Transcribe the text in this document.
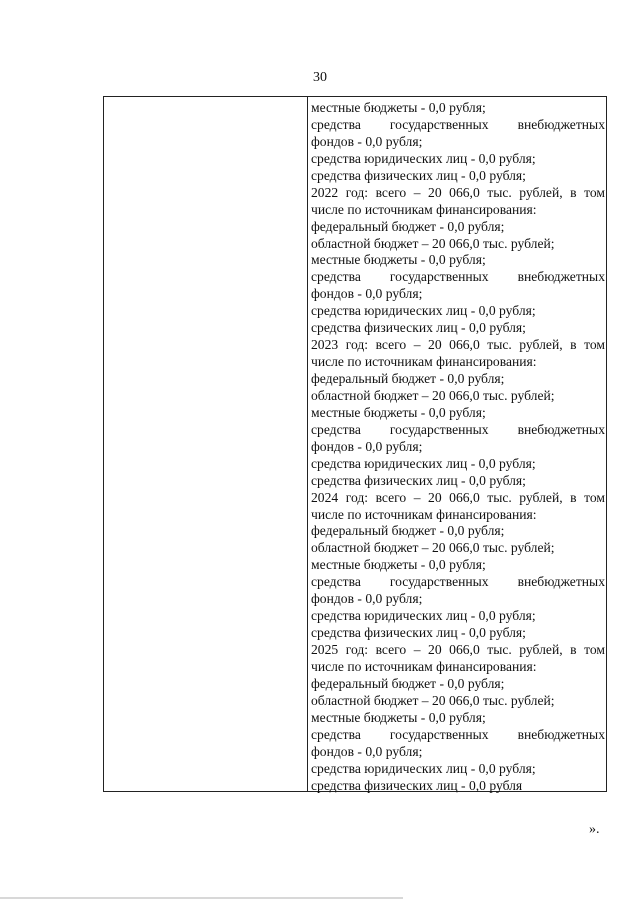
30
местные бюджеты - 0,0 рубля;
средства государственных внебюджетных
фондов - 0,0 рубля;
средства юридических лиц - 0,0 рубля;
средства физических лиц - 0,0 рубля;
2022 год: всего – 20 066,0 тыс. рублей, в том
числе по источникам финансирования:
федеральный бюджет - 0,0 рубля;
областной бюджет – 20 066,0 тыс. рублей;
местные бюджеты - 0,0 рубля;
средства государственных внебюджетных
фондов - 0,0 рубля;
средства юридических лиц - 0,0 рубля;
средства физических лиц - 0,0 рубля;
2023 год: всего – 20 066,0 тыс. рублей, в том
числе по источникам финансирования:
федеральный бюджет - 0,0 рубля;
областной бюджет – 20 066,0 тыс. рублей;
местные бюджеты - 0,0 рубля;
средства государственных внебюджетных
фондов - 0,0 рубля;
средства юридических лиц - 0,0 рубля;
средства физических лиц - 0,0 рубля;
2024 год: всего – 20 066,0 тыс. рублей, в том
числе по источникам финансирования:
федеральный бюджет - 0,0 рубля;
областной бюджет – 20 066,0 тыс. рублей;
местные бюджеты - 0,0 рубля;
средства государственных внебюджетных
фондов - 0,0 рубля;
средства юридических лиц - 0,0 рубля;
средства физических лиц - 0,0 рубля;
2025 год: всего – 20 066,0 тыс. рублей, в том
числе по источникам финансирования:
федеральный бюджет - 0,0 рубля;
областной бюджет – 20 066,0 тыс. рублей;
местные бюджеты - 0,0 рубля;
средства государственных внебюджетных
фондов - 0,0 рубля;
средства юридических лиц - 0,0 рубля;
средства физических лиц - 0,0 рубля
».
